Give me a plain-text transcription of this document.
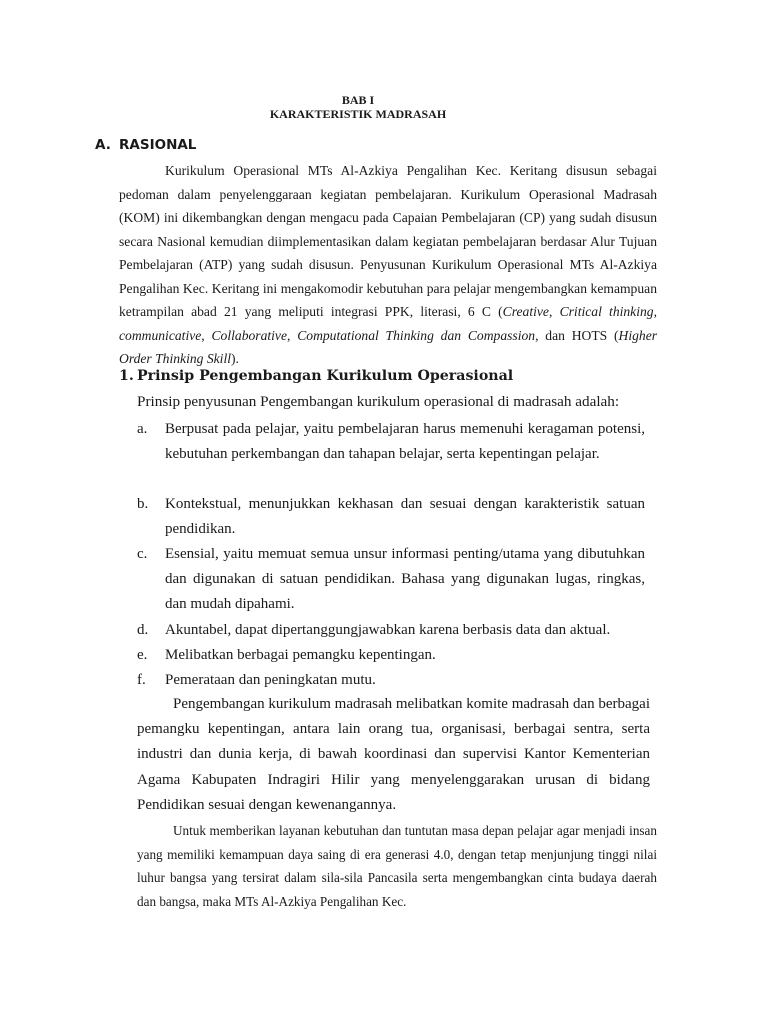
BAB I
KARAKTERISTIK MADRASAH
A. RASIONAL

Kurikulum Operasional MTs Al-Azkiya Pengalihan Kec. Keritang disusun sebagai pedoman dalam penyelenggaraan kegiatan pembelajaran. Kurikulum Operasional Madrasah (KOM) ini dikembangkan dengan mengacu pada Capaian Pembelajaran (CP) yang sudah disusun secara Nasional kemudian diimplementasikan dalam kegiatan pembelajaran berdasar Alur Tujuan Pembelajaran (ATP) yang sudah disusun. Penyusunan Kurikulum Operasional MTs Al-Azkiya Pengalihan Kec. Keritang ini mengakomodir kebutuhan para pelajar mengembangkan kemampuan ketrampilan abad 21 yang meliputi integrasi PPK, literasi, 6 C (Creative, Critical thinking, communicative, Collaborative, Computational Thinking dan Compassion, dan HOTS (Higher Order Thinking Skill).

1. Prinsip Pengembangan Kurikulum Operasional
Prinsip penyusunan Pengembangan kurikulum operasional di madrasah adalah:
a. Berpusat pada pelajar, yaitu pembelajaran harus memenuhi keragaman potensi, kebutuhan perkembangan dan tahapan belajar, serta kepentingan pelajar.
b. Kontekstual, menunjukkan kekhasan dan sesuai dengan karakteristik satuan pendidikan.
c. Esensial, yaitu memuat semua unsur informasi penting/utama yang dibutuhkan dan digunakan di satuan pendidikan. Bahasa yang digunakan lugas, ringkas, dan mudah dipahami.
d. Akuntabel, dapat dipertanggungjawabkan karena berbasis data dan aktual.
e. Melibatkan berbagai pemangku kepentingan.
f. Pemerataan dan peningkatan mutu.

Pengembangan kurikulum madrasah melibatkan komite madrasah dan berbagai pemangku kepentingan, antara lain orang tua, organisasi, berbagai sentra, serta industri dan dunia kerja, di bawah koordinasi dan supervisi Kantor Kementerian Agama Kabupaten Indragiri Hilir yang menyelenggarakan urusan di bidang Pendidikan sesuai dengan kewenangannya.

Untuk memberikan layanan kebutuhan dan tuntutan masa depan pelajar agar menjadi insan yang memiliki kemampuan daya saing di era generasi 4.0, dengan tetap menjunjung tinggi nilai luhur bangsa yang tersirat dalam sila-sila Pancasila serta mengembangkan cinta budaya daerah dan bangsa, maka MTs Al-Azkiya Pengalihan Kec.
